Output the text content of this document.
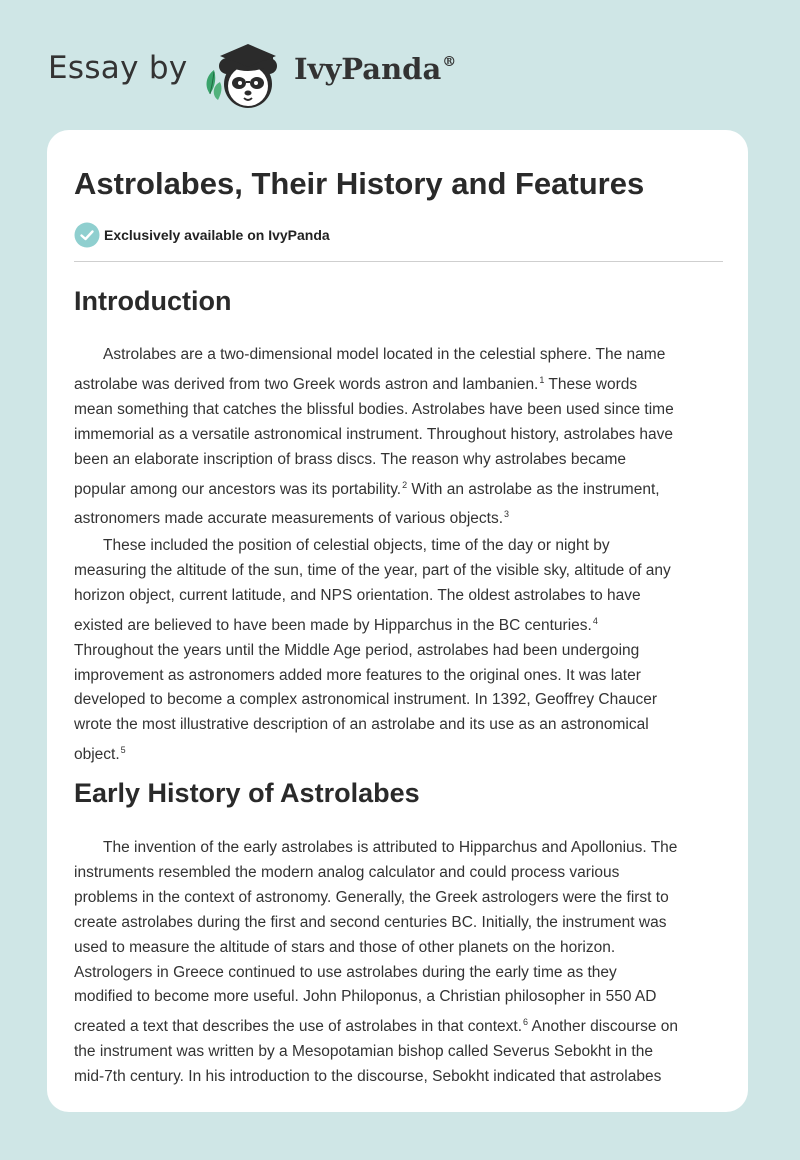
Essay by	IvyPanda®
Astrolabes, Their History and Features
Exclusively available on IvyPanda
Introduction

Astrolabes are a two-dimensional model located in the celestial sphere. The name
astrolabe was derived from two Greek words astron and lambanien.$^1$ These words
mean something that catches the blissful bodies. Astrolabes have been used since time
immemorial as a versatile astronomical instrument. Throughout history, astrolabes have
been an elaborate inscription of brass discs. The reason why astrolabes became
popular among our ancestors was its portability.$^2$ With an astrolabe as the instrument,
astronomers made accurate measurements of various objects.$^3$

These included the position of celestial objects, time of the day or night by
measuring the altitude of the sun, time of the year, part of the visible sky, altitude of any
horizon object, current latitude, and NPS orientation. The oldest astrolabes to have
existed are believed to have been made by Hipparchus in the BC centuries.$^4$
Throughout the years until the Middle Age period, astrolabes had been undergoing
improvement as astronomers added more features to the original ones. It was later
developed to become a complex astronomical instrument. In 1392, Geoffrey Chaucer
wrote the most illustrative description of an astrolabe and its use as an astronomical
object.$^5$

Early History of Astrolabes

The invention of the early astrolabes is attributed to Hipparchus and Apollonius. The
instruments resembled the modern analog calculator and could process various
problems in the context of astronomy. Generally, the Greek astrologers were the first to
create astrolabes during the first and second centuries BC. Initially, the instrument was
used to measure the altitude of stars and those of other planets on the horizon.
Astrologers in Greece continued to use astrolabes during the early time as they
modified to become more useful. John Philoponus, a Christian philosopher in 550 AD
created a text that describes the use of astrolabes in that context.$^6$ Another discourse on
the instrument was written by a Mesopotamian bishop called Severus Sebokht in the
mid-7th century. In his introduction to the discourse, Sebokht indicated that astrolabes
